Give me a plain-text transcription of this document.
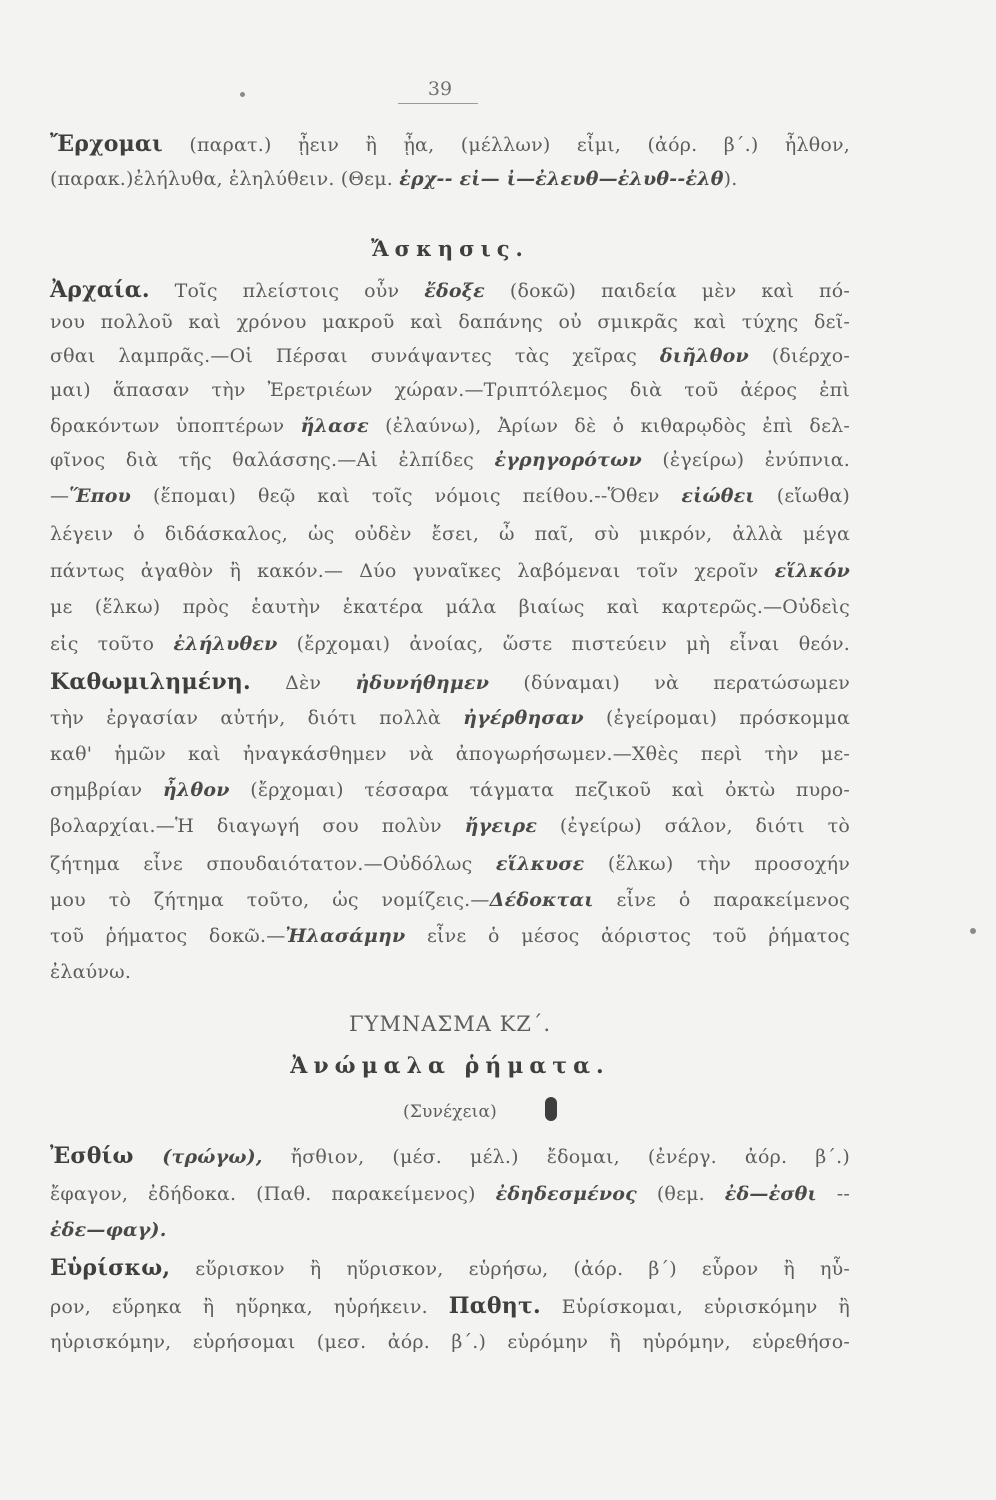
39
Ἔρχομαι (παρατ.) ᾖειν ἢ ᾖα, (μέλλων) εἶμι, (ἀόρ. β΄.) ἦλθον,
(παρακ.)ἐλήλυθα, ἐληλύθειν. (Θεμ. ἐρχ-- εἰ— ἰ—ἐλευθ—ἐλυθ--ἐλθ).
Ἄσκησις.
Ἀρχαία. Τοῖς πλείστοις οὖν ἔδοξε (δοκῶ) παιδεία μὲν καὶ πό-
νου πολλοῦ καὶ χρόνου μακροῦ καὶ δαπάνης οὐ σμικρᾶς καὶ τύχης δεῖ-
σθαι λαμπρᾶς.—Οἱ Πέρσαι συνάψαντες τὰς χεῖρας διῆλθον (διέρχο-
μαι) ἅπασαν τὴν Ἐρετριέων χώραν.—Τριπτόλεμος διὰ τοῦ ἀέρος ἐπὶ
δρακόντων ὑποπτέρων ἤλασε (ἐλαύνω), Ἀρίων δὲ ὁ κιθαρῳδὸς ἐπὶ δελ-
φῖνος διὰ τῆς θαλάσσης.—Αἱ ἐλπίδες ἐγρηγορότων (ἐγείρω) ἐνύπνια.
—Ἕπου (ἕπομαι) θεῷ καὶ τοῖς νόμοις πείθου.--Ὅθεν εἰώθει (εἴωθα)
λέγειν ὁ διδάσκαλος, ὡς οὐδὲν ἔσει, ὦ παῖ, σὺ μικρόν, ἀλλὰ μέγα
πάντως ἀγαθὸν ἢ κακόν.— Δύο γυναῖκες λαβόμεναι τοῖν χεροῖν εἵλκόν
με (ἕλκω) πρὸς ἑαυτὴν ἑκατέρα μάλα βιαίως καὶ καρτερῶς.—Οὐδεὶς
εἰς τοῦτο ἐλήλυθεν (ἔρχομαι) ἀνοίας, ὥστε πιστεύειν μὴ εἶναι θεόν.
Καθωμιλημένη. Δὲν ἠδυνήθημεν (δύναμαι) νὰ περατώσωμεν
τὴν ἐργασίαν αὐτήν, διότι πολλὰ ἠγέρθησαν (ἐγείρομαι) πρόσκομμα
καθ' ἡμῶν καὶ ἠναγκάσθημεν νὰ ἀπογωρήσωμεν.—Χθὲς περὶ τὴν με-
σημβρίαν ἦλθον (ἔρχομαι) τέσσαρα τάγματα πεζικοῦ καὶ ὀκτὼ πυρο-
βολαρχίαι.—Ἡ διαγωγή σου πολὺν ἤγειρε (ἐγείρω) σάλον, διότι τὸ
ζήτημα εἶνε σπουδαιότατον.—Οὐδόλως εἵλκυσε (ἕλκω) τὴν προσοχήν
μου τὸ ζήτημα τοῦτο, ὡς νομίζεις.—Δέδοκται εἶνε ὁ παρακείμενος
τοῦ ῥήματος δοκῶ.—Ἠλασάμην εἶνε ὁ μέσος ἀόριστος τοῦ ῥήματος
ἐλαύνω.
ΓΥΜΝΑΣΜΑ ΚΖ΄.
Ἀνώμαλα ῥήματα.
(Συνέχεια)
Ἐσθίω (τρώγω), ἤσθιον, (μέσ. μέλ.) ἔδομαι, (ἐνέργ. ἀόρ. β΄.)
ἔφαγον, ἐδήδοκα. (Παθ. παρακείμενος) ἐδηδεσμένος (θεμ. ἐδ—ἐσθι --
ἐδε—φαγ).
Εὑρίσκω, εὕρισκον ἢ ηὕρισκον, εὑρήσω, (ἀόρ. β΄) εὗρον ἢ ηὗ-
ρον, εὕρηκα ἢ ηὕρηκα, ηὑρήκειν. Παθητ. Εὑρίσκομαι, εὑρισκόμην ἢ
ηὑρισκόμην, εὑρήσομαι (μεσ. ἀόρ. β΄.) εὑρόμην ἢ ηὑρόμην, εὑρεθήσο-
